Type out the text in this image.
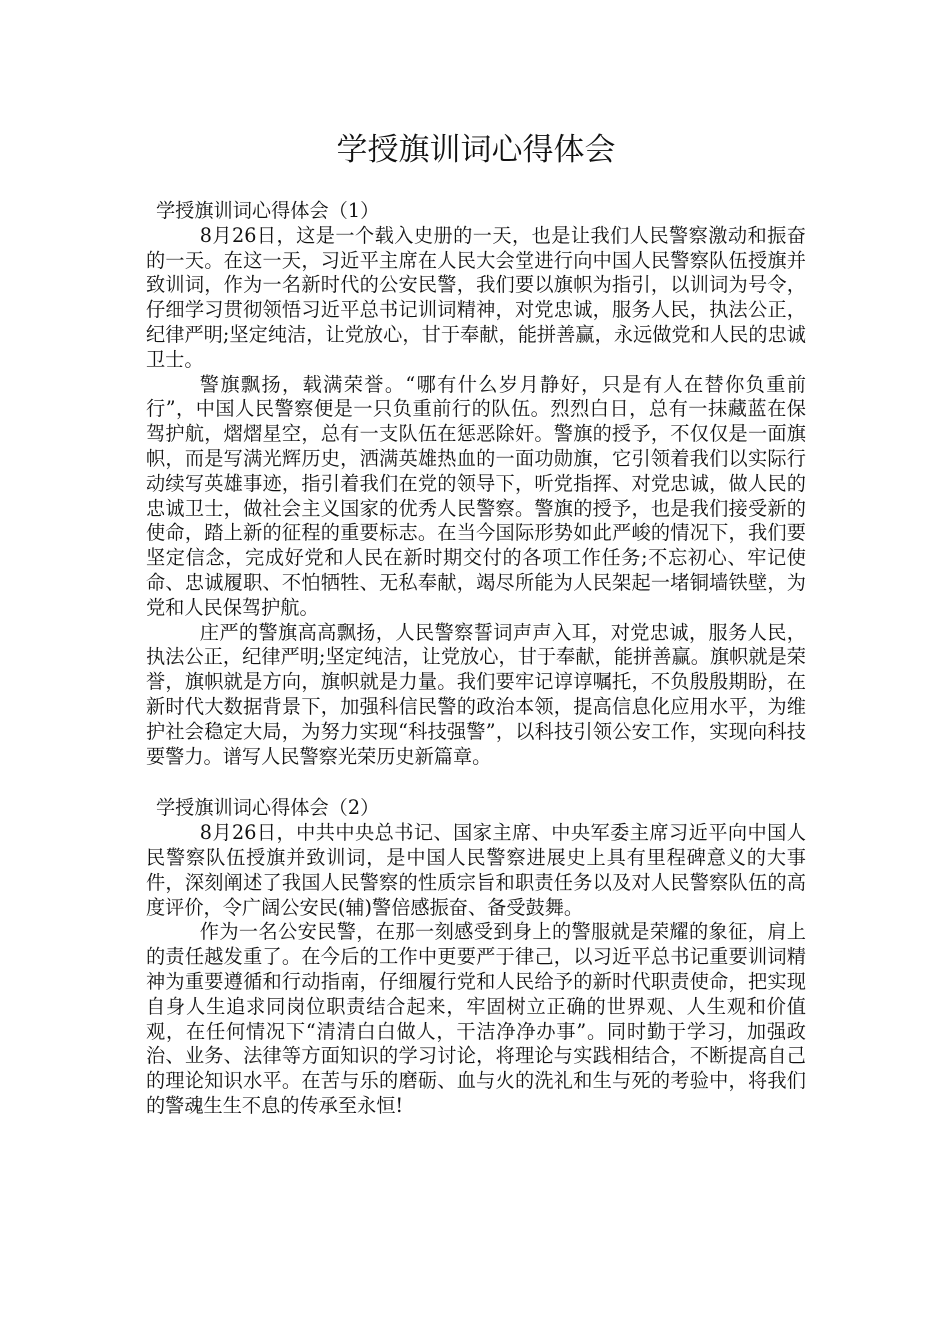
学授旗训词心得体会
学授旗训词心得体会（1）

8月26日，这是一个载入史册的一天，也是让我们人民警察激动和振奋的一天。在这一天，习近平主席在人民大会堂进行向中国人民警察队伍授旗并致训词，作为一名新时代的公安民警，我们要以旗帜为指引，以训词为号令，仔细学习贯彻领悟习近平总书记训词精神，对党忠诚，服务人民，执法公正，纪律严明;坚定纯洁，让党放心，甘于奉献，能拼善赢，永远做党和人民的忠诚卫士。

警旗飘扬，载满荣誉。“哪有什么岁月静好，只是有人在替你负重前行”，中国人民警察便是一只负重前行的队伍。烈烈白日，总有一抹藏蓝在保驾护航，熠熠星空，总有一支队伍在惩恶除奸。警旗的授予，不仅仅是一面旗帜，而是写满光辉历史，洒满英雄热血的一面功勋旗，它引领着我们以实际行动续写英雄事迹，指引着我们在党的领导下，听党指挥、对党忠诚，做人民的忠诚卫士，做社会主义国家的优秀人民警察。警旗的授予，也是我们接受新的使命，踏上新的征程的重要标志。在当今国际形势如此严峻的情况下，我们要坚定信念，完成好党和人民在新时期交付的各项工作任务;不忘初心、牢记使命、忠诚履职、不怕牺牲、无私奉献，竭尽所能为人民架起一堵铜墙铁壁，为党和人民保驾护航。

庄严的警旗高高飘扬，人民警察誓词声声入耳，对党忠诚，服务人民，执法公正，纪律严明;坚定纯洁，让党放心，甘于奉献，能拼善赢。旗帜就是荣誉，旗帜就是方向，旗帜就是力量。我们要牢记谆谆嘱托，不负殷殷期盼，在新时代大数据背景下，加强科信民警的政治本领，提高信息化应用水平，为维护社会稳定大局，为努力实现“科技强警”，以科技引领公安工作，实现向科技要警力。谱写人民警察光荣历史新篇章。

学授旗训词心得体会（2）

8月26日，中共中央总书记、国家主席、中央军委主席习近平向中国人民警察队伍授旗并致训词，是中国人民警察进展史上具有里程碑意义的大事件，深刻阐述了我国人民警察的性质宗旨和职责任务以及对人民警察队伍的高度评价，令广阔公安民(辅)警倍感振奋、备受鼓舞。

作为一名公安民警，在那一刻感受到身上的警服就是荣耀的象征，肩上的责任越发重了。在今后的工作中更要严于律己，以习近平总书记重要训词精神为重要遵循和行动指南，仔细履行党和人民给予的新时代职责使命，把实现自身人生追求同岗位职责结合起来，牢固树立正确的世界观、人生观和价值观，在任何情况下“清清白白做人，干洁净净办事”。同时勤于学习，加强政治、业务、法律等方面知识的学习讨论，将理论与实践相结合，不断提高自己的理论知识水平。在苦与乐的磨砺、血与火的洗礼和生与死的考验中，将我们的警魂生生不息的传承至永恒!
